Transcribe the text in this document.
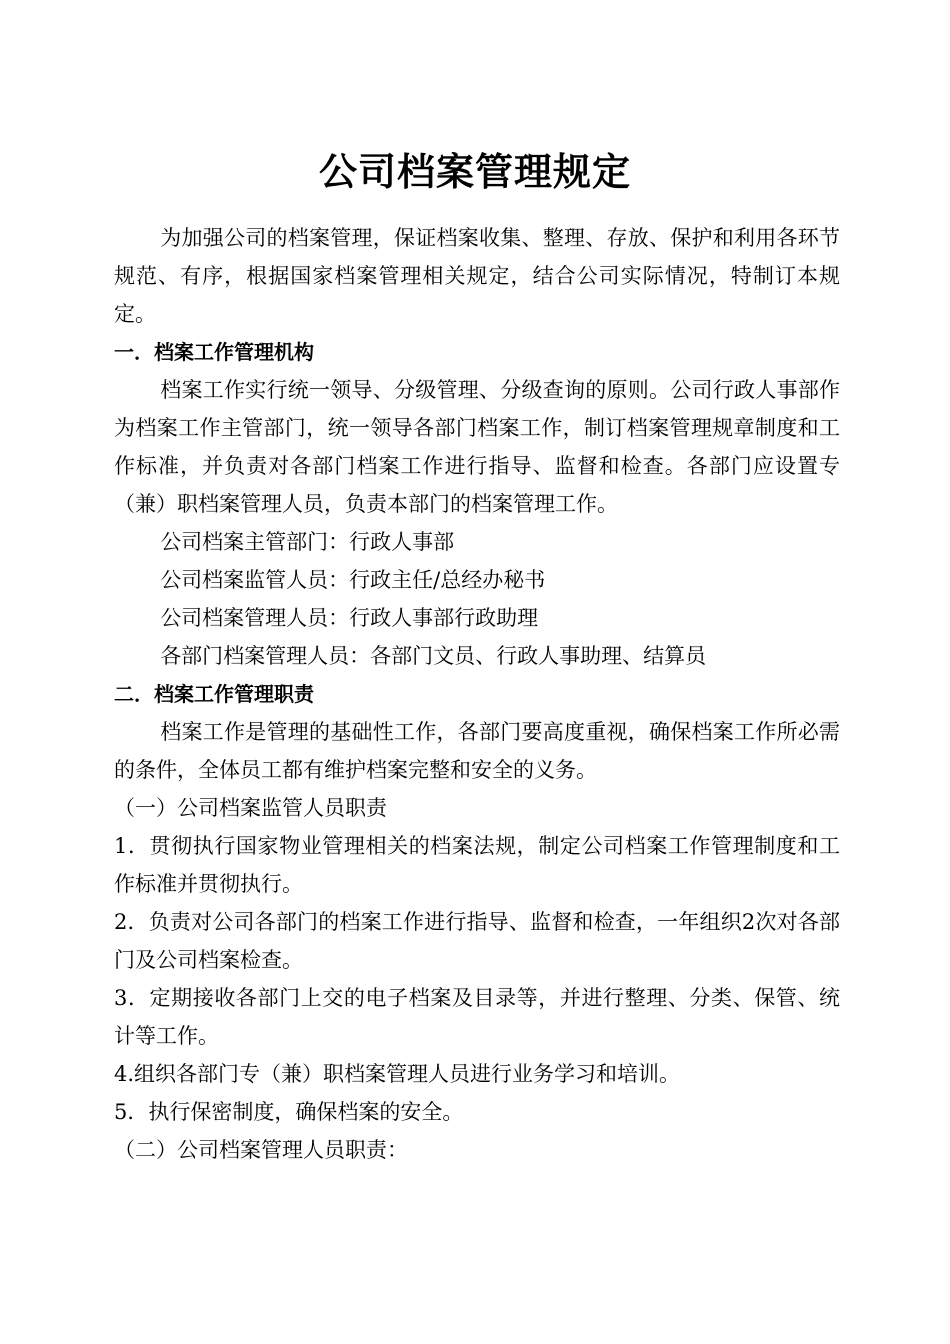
公司档案管理规定

为加强公司的档案管理，保证档案收集、整理、存放、保护和利用各环节规范、有序，根据国家档案管理相关规定，结合公司实际情况，特制订本规定。

一．档案工作管理机构

档案工作实行统一领导、分级管理、分级查询的原则。公司行政人事部作为档案工作主管部门，统一领导各部门档案工作，制订档案管理规章制度和工作标准，并负责对各部门档案工作进行指导、监督和检查。各部门应设置专（兼）职档案管理人员，负责本部门的档案管理工作。

公司档案主管部门：行政人事部

公司档案监管人员：行政主任/总经办秘书

公司档案管理人员：行政人事部行政助理

各部门档案管理人员：各部门文员、行政人事助理、结算员

二．档案工作管理职责

档案工作是管理的基础性工作，各部门要高度重视，确保档案工作所必需的条件，全体员工都有维护档案完整和安全的义务。

（一）公司档案监管人员职责

1．贯彻执行国家物业管理相关的档案法规，制定公司档案工作管理制度和工作标准并贯彻执行。

2．负责对公司各部门的档案工作进行指导、监督和检查，一年组织2次对各部门及公司档案检查。

3．定期接收各部门上交的电子档案及目录等，并进行整理、分类、保管、统计等工作。

4.组织各部门专（兼）职档案管理人员进行业务学习和培训。

5．执行保密制度，确保档案的安全。

（二）公司档案管理人员职责：
